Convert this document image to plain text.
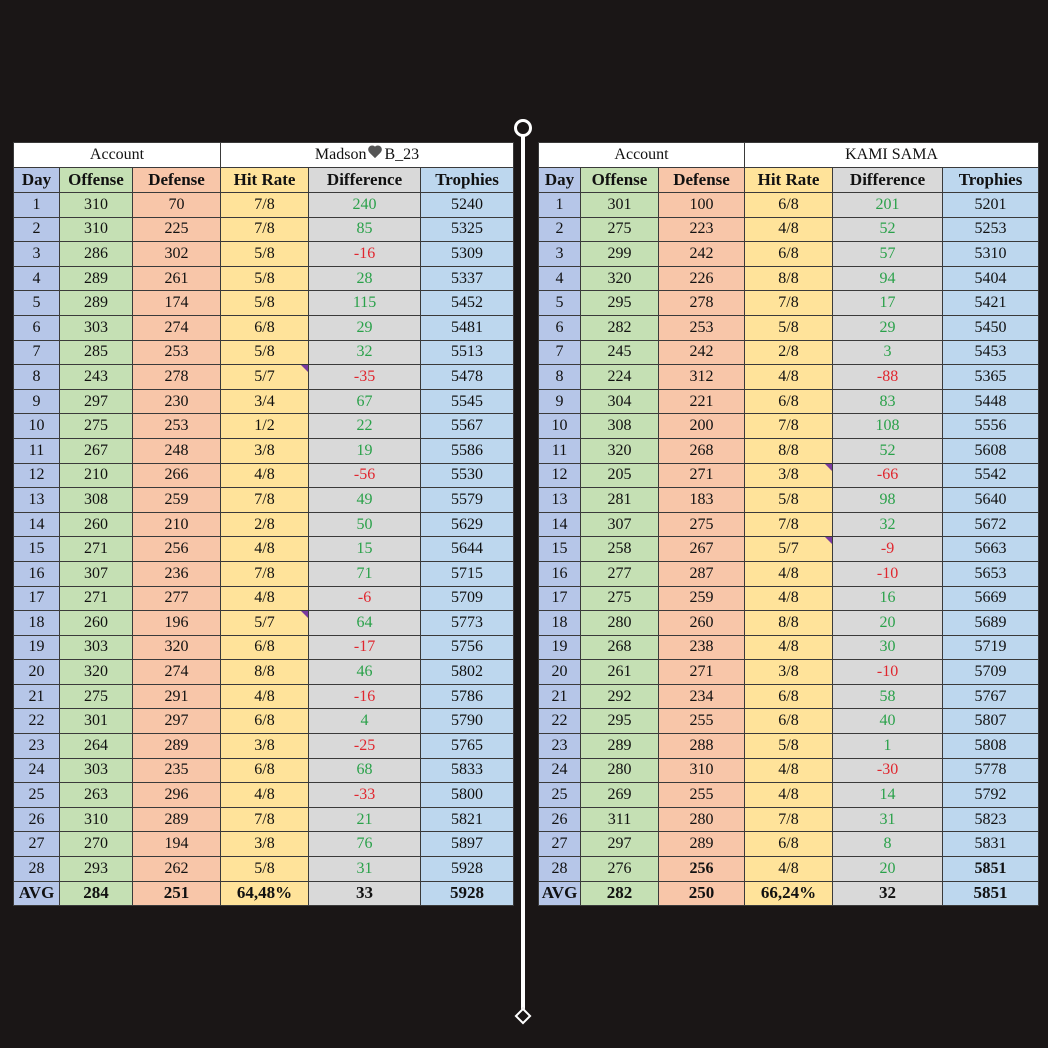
Account			Madson B_23		
Day	Offense	Defense	Hit Rate	Difference	Trophies
1	310	70	7/8	240	5240
2	310	225	7/8	85	5325
3	286	302	5/8	-16	5309
4	289	261	5/8	28	5337
5	289	174	5/8	115	5452
6	303	274	6/8	29	5481
7	285	253	5/8	32	5513
8	243	278	5/7	-35	5478
9	297	230	3/4	67	5545
10	275	253	1/2	22	5567
11	267	248	3/8	19	5586
12	210	266	4/8	-56	5530
13	308	259	7/8	49	5579
14	260	210	2/8	50	5629
15	271	256	4/8	15	5644
16	307	236	7/8	71	5715
17	271	277	4/8	-6	5709
18	260	196	5/7	64	5773
19	303	320	6/8	-17	5756
20	320	274	8/8	46	5802
21	275	291	4/8	-16	5786
22	301	297	6/8	4	5790
23	264	289	3/8	-25	5765
24	303	235	6/8	68	5833
25	263	296	4/8	-33	5800
26	310	289	7/8	21	5821
27	270	194	3/8	76	5897
28	293	262	5/8	31	5928
AVG	284	251	64,48%	33	5928
Account			KAMI SAMA		
Day	Offense	Defense	Hit Rate	Difference	Trophies
1	301	100	6/8	201	5201
2	275	223	4/8	52	5253
3	299	242	6/8	57	5310
4	320	226	8/8	94	5404
5	295	278	7/8	17	5421
6	282	253	5/8	29	5450
7	245	242	2/8	3	5453
8	224	312	4/8	-88	5365
9	304	221	6/8	83	5448
10	308	200	7/8	108	5556
11	320	268	8/8	52	5608
12	205	271	3/8	-66	5542
13	281	183	5/8	98	5640
14	307	275	7/8	32	5672
15	258	267	5/7	-9	5663
16	277	287	4/8	-10	5653
17	275	259	4/8	16	5669
18	280	260	8/8	20	5689
19	268	238	4/8	30	5719
20	261	271	3/8	-10	5709
21	292	234	6/8	58	5767
22	295	255	6/8	40	5807
23	289	288	5/8	1	5808
24	280	310	4/8	-30	5778
25	269	255	4/8	14	5792
26	311	280	7/8	31	5823
27	297	289	6/8	8	5831
28	276	256	4/8	20	5851
AVG	282	250	66,24%	32	5851
